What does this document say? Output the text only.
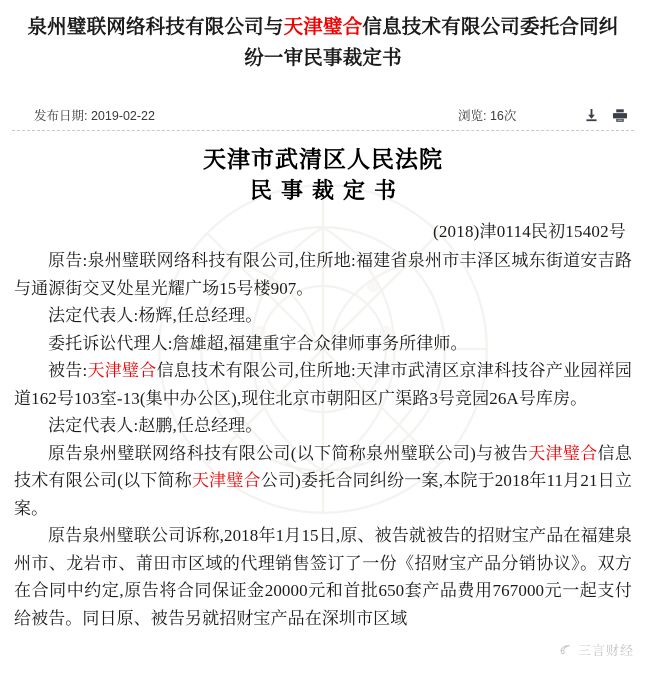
泉州璧联网络科技有限公司与天津璧合信息技术有限公司委托合同纠纷一审民事裁定书
发布日期: 2019-02-22	浏览: 16次
天津市武清区人民法院
民事裁定书
(2018)津0114民初15402号

原告:泉州璧联网络科技有限公司,住所地:福建省泉州市丰泽区城东街道安吉路与通源街交叉处星光耀广场15号楼907。

法定代表人:杨辉,任总经理。

委托诉讼代理人:詹雄超,福建重宇合众律师事务所律师。

被告:天津璧合信息技术有限公司,住所地:天津市武清区京津科技谷产业园祥园道162号103室-13(集中办公区),现住北京市朝阳区广渠路3号竞园26A号库房。

法定代表人:赵鹏,任总经理。

原告泉州璧联网络科技有限公司(以下简称泉州璧联公司)与被告天津璧合信息技术有限公司(以下简称天津璧合公司)委托合同纠纷一案,本院于2018年11月21日立案。

原告泉州璧联公司诉称,2018年1月15日,原、被告就被告的招财宝产品在福建泉州市、龙岩市、莆田市区域的代理销售签订了一份《招财宝产品分销协议》。双方在合同中约定,原告将合同保证金20000元和首批650套产品费用767000元一起支付给被告。同日原、被告另就招财宝产品在深圳市区域

三言财经
